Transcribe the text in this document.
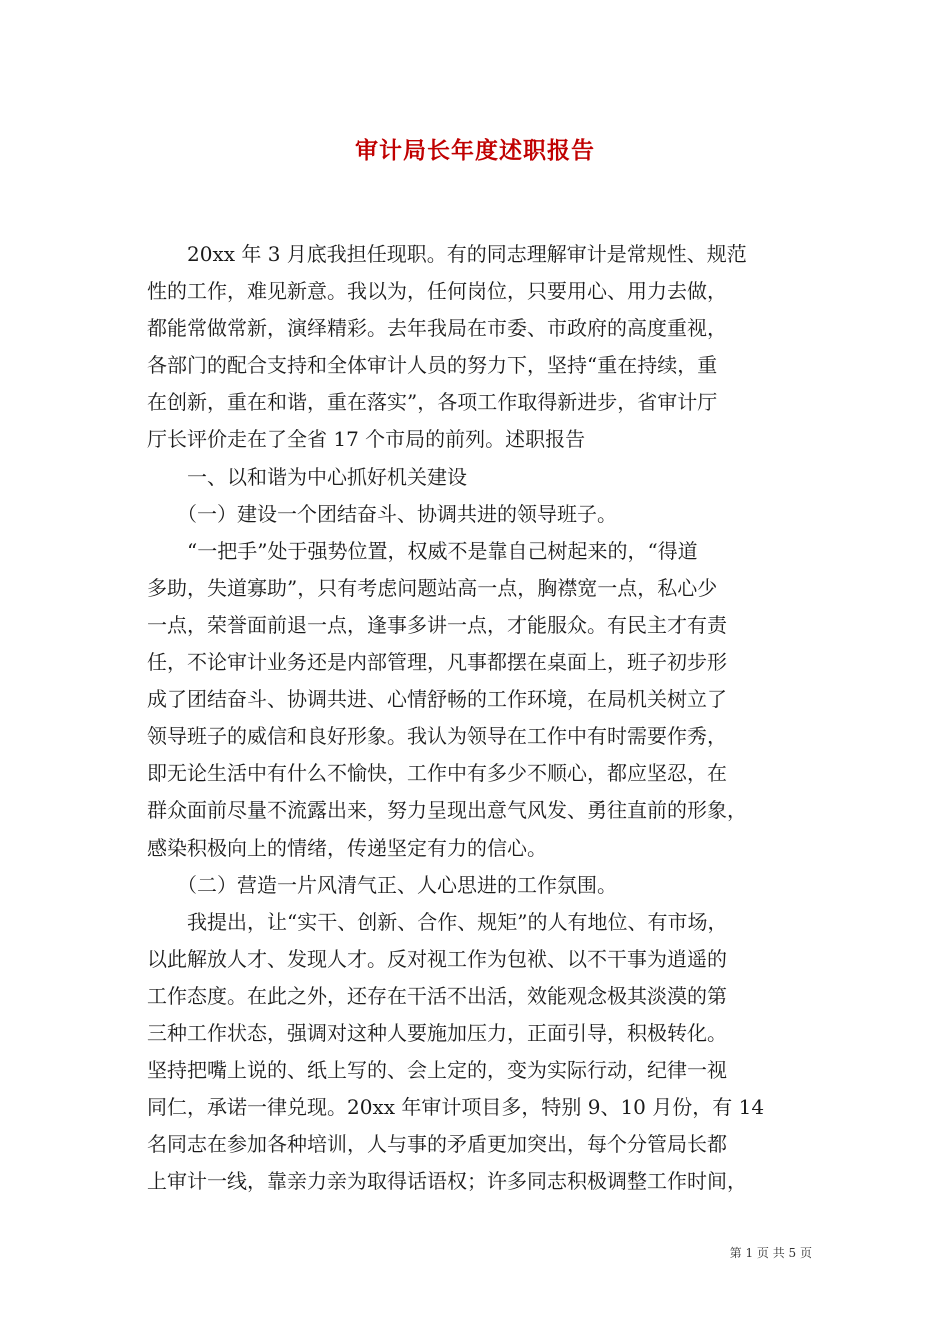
审计局长年度述职报告
　　20xx 年 3 月底我担任现职。有的同志理解审计是常规性、规范
性的工作，难见新意。我以为，任何岗位，只要用心、用力去做，
都能常做常新，演绎精彩。去年我局在市委、市政府的高度重视，
各部门的配合支持和全体审计人员的努力下，坚持“重在持续，重
在创新，重在和谐，重在落实”，各项工作取得新进步，省审计厅
厅长评价走在了全省 17 个市局的前列。述职报告
　　一、以和谐为中心抓好机关建设
　　（一）建设一个团结奋斗、协调共进的领导班子。
　　“一把手”处于强势位置，权威不是靠自己树起来的，“得道
多助，失道寡助”，只有考虑问题站高一点，胸襟宽一点，私心少
一点，荣誉面前退一点，逢事多讲一点，才能服众。有民主才有责
任，不论审计业务还是内部管理，凡事都摆在桌面上，班子初步形
成了团结奋斗、协调共进、心情舒畅的工作环境，在局机关树立了
领导班子的威信和良好形象。我认为领导在工作中有时需要作秀，
即无论生活中有什么不愉快，工作中有多少不顺心，都应坚忍，在
群众面前尽量不流露出来，努力呈现出意气风发、勇往直前的形象，
感染积极向上的情绪，传递坚定有力的信心。
　　（二）营造一片风清气正、人心思进的工作氛围。
　　我提出，让“实干、创新、合作、规矩”的人有地位、有市场，
以此解放人才、发现人才。反对视工作为包袱、以不干事为逍遥的
工作态度。在此之外，还存在干活不出活，效能观念极其淡漠的第
三种工作状态，强调对这种人要施加压力，正面引导，积极转化。
坚持把嘴上说的、纸上写的、会上定的，变为实际行动，纪律一视
同仁，承诺一律兑现。20xx 年审计项目多，特别 9、10 月份，有 14
名同志在参加各种培训，人与事的矛盾更加突出，每个分管局长都
上审计一线，靠亲力亲为取得话语权；许多同志积极调整工作时间，
第 1 页 共 5 页
